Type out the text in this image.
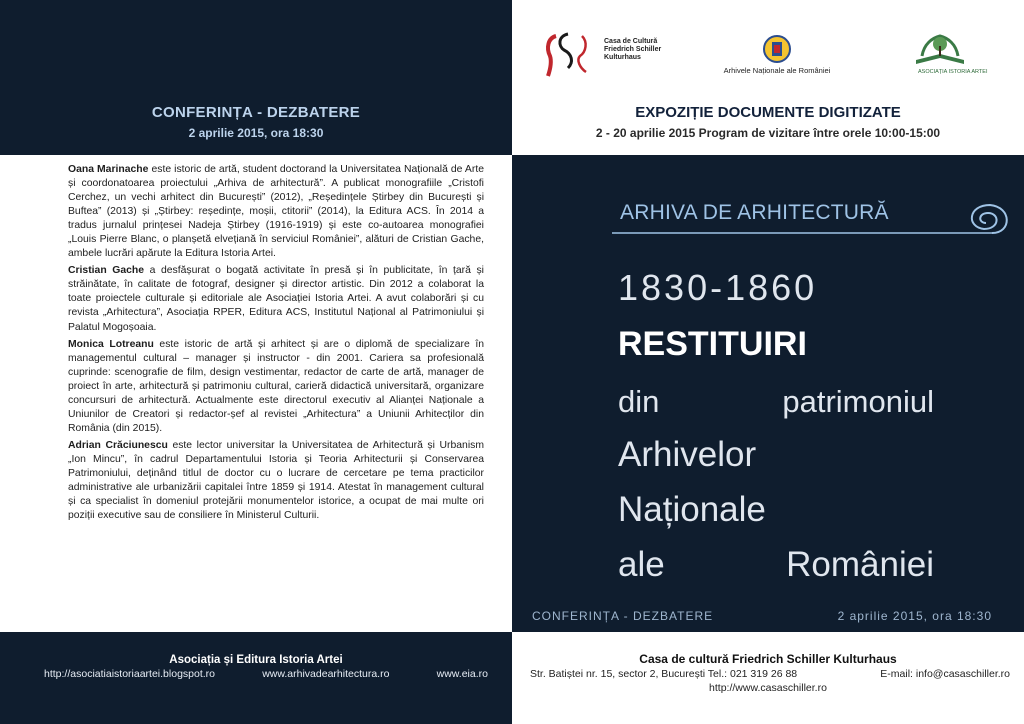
CONFERINȚA - DEZBATERE
2 aprilie 2015, ora 18:30

Oana Marinache este istoric de artă, student doctorand la Universitatea Națională de Arte și coordonatoarea proiectului „Arhiva de arhitectură”. A publicat monografiile „Cristofi Cerchez, un vechi arhitect din București” (2012), „Reședințele Știrbey din București și Buftea” (2013) și „Știrbey: reședințe, moșii, ctitorii” (2014), la Editura ACS. În 2014 a tradus jurnalul prințesei Nadeja Știrbey (1916-1919) și este co-autoarea monografiei „Louis Pierre Blanc, o planșetă elvețiană în serviciul României”, alături de Cristian Gache, ambele lucrări apărute la Editura Istoria Artei.

Cristian Gache a desfășurat o bogată activitate în presă și în publicitate, în țară și străinătate, în calitate de fotograf, designer și director artistic. Din 2012 a colaborat la toate proiectele culturale și editoriale ale Asociației Istoria Artei. A avut colaborări și cu revista „Arhitectura”, Asociația RPER, Editura ACS, Institutul Național al Patrimoniului și Palatul Mogoșoaia.

Monica Lotreanu este istoric de artă și arhitect și are o diplomă de specializare în managementul cultural – manager și instructor - din 2001. Cariera sa profesională cuprinde: scenografie de film, design vestimentar, redactor de carte de artă, manager de proiect în arte, arhitectură și patrimoniu cultural, carieră didactică universitară, organizare concursuri de arhitectură. Actualmente este directorul executiv al Alianței Naționale a Uniunilor de Creatori și redactor-șef al revistei „Arhitectura” a Uniunii Arhitecților din România (din 2015).

Adrian Crăciunescu este lector universitar la Universitatea de Arhitectură și Urbanism „Ion Mincu”, în cadrul Departamentului Istoria și Teoria Arhitecturii și Conservarea Patrimoniului, deținând titlul de doctor cu o lucrare de cercetare pe tema practicilor administrative ale urbanizării capitalei între 1859 și 1914. Atestat în management cultural și ca specialist în domeniul protejării monumentelor istorice, a ocupat de mai multe ori poziții executive sau de consiliere în Ministerul Culturii.

Asociația și Editura Istoria Artei
http://asociatiaistoriaartei.blogspot.ro	www.arhivadearhitectura.ro	www.eia.ro
Casa de Cultură
Friedrich Schiller
Kulturhaus
Arhivele Naționale ale României	ASOCIAȚIA ISTORIA ARTEI
EXPOZIȚIE DOCUMENTE DIGITIZATE
2 - 20 aprilie 2015 Program de vizitare între orele 10:00-15:00
ARHIVA DE ARHITECTURĂ
1830-1860
RESTITUIRI
din patrimoniul
Arhivelor
Naționale
ale României
CONFERINȚA - DEZBATERE	2 aprilie 2015, ora 18:30
Casa de cultură Friedrich Schiller Kulturhaus
Str. Batiștei nr. 15, sector 2, București Tel.: 021 319 26 88	E-mail: info@casaschiller.ro
http://www.casaschiller.ro
